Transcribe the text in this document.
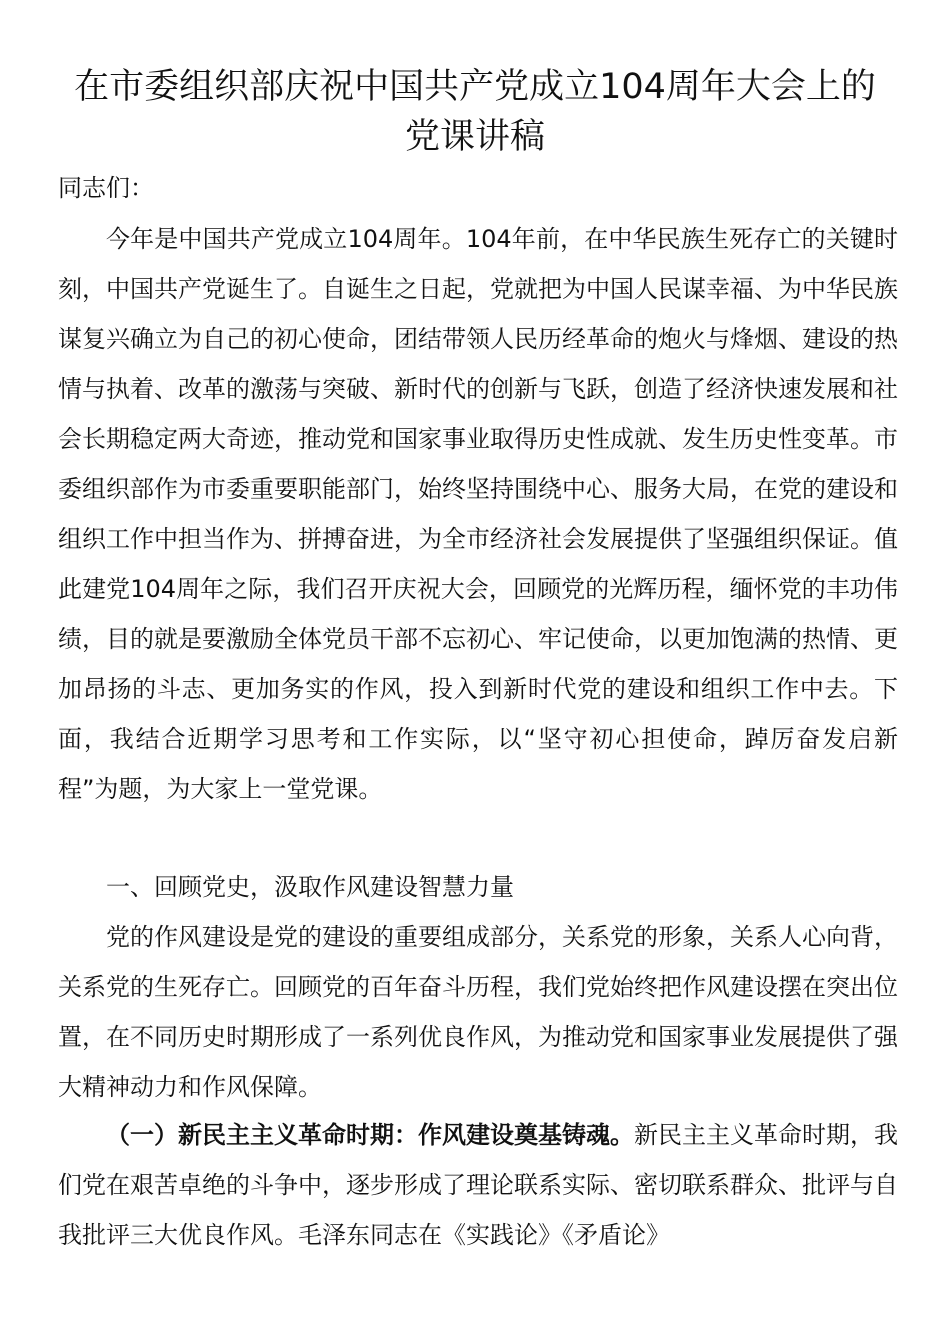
在市委组织部庆祝中国共产党成立104周年大会上的
党课讲稿

同志们：

今年是中国共产党成立104周年。104年前，在中华民族生死存亡的关键时刻，中国共产党诞生了。自诞生之日起，党就把为中国人民谋幸福、为中华民族谋复兴确立为自己的初心使命，团结带领人民历经革命的炮火与烽烟、建设的热情与执着、改革的激荡与突破、新时代的创新与飞跃，创造了经济快速发展和社会长期稳定两大奇迹，推动党和国家事业取得历史性成就、发生历史性变革。市委组织部作为市委重要职能部门，始终坚持围绕中心、服务大局，在党的建设和组织工作中担当作为、拼搏奋进，为全市经济社会发展提供了坚强组织保证。值此建党104周年之际，我们召开庆祝大会，回顾党的光辉历程，缅怀党的丰功伟绩，目的就是要激励全体党员干部不忘初心、牢记使命，以更加饱满的热情、更加昂扬的斗志、更加务实的作风，投入到新时代党的建设和组织工作中去。下面，我结合近期学习思考和工作实际，以“坚守初心担使命，踔厉奋发启新程”为题，为大家上一堂党课。

一、回顾党史，汲取作风建设智慧力量

党的作风建设是党的建设的重要组成部分，关系党的形象，关系人心向背，关系党的生死存亡。回顾党的百年奋斗历程，我们党始终把作风建设摆在突出位置，在不同历史时期形成了一系列优良作风，为推动党和国家事业发展提供了强大精神动力和作风保障。

（一）新民主主义革命时期：作风建设奠基铸魂。新民主主义革命时期，我们党在艰苦卓绝的斗争中，逐步形成了理论联系实际、密切联系群众、批评与自我批评三大优良作风。毛泽东同志在《实践论》《矛盾论》
